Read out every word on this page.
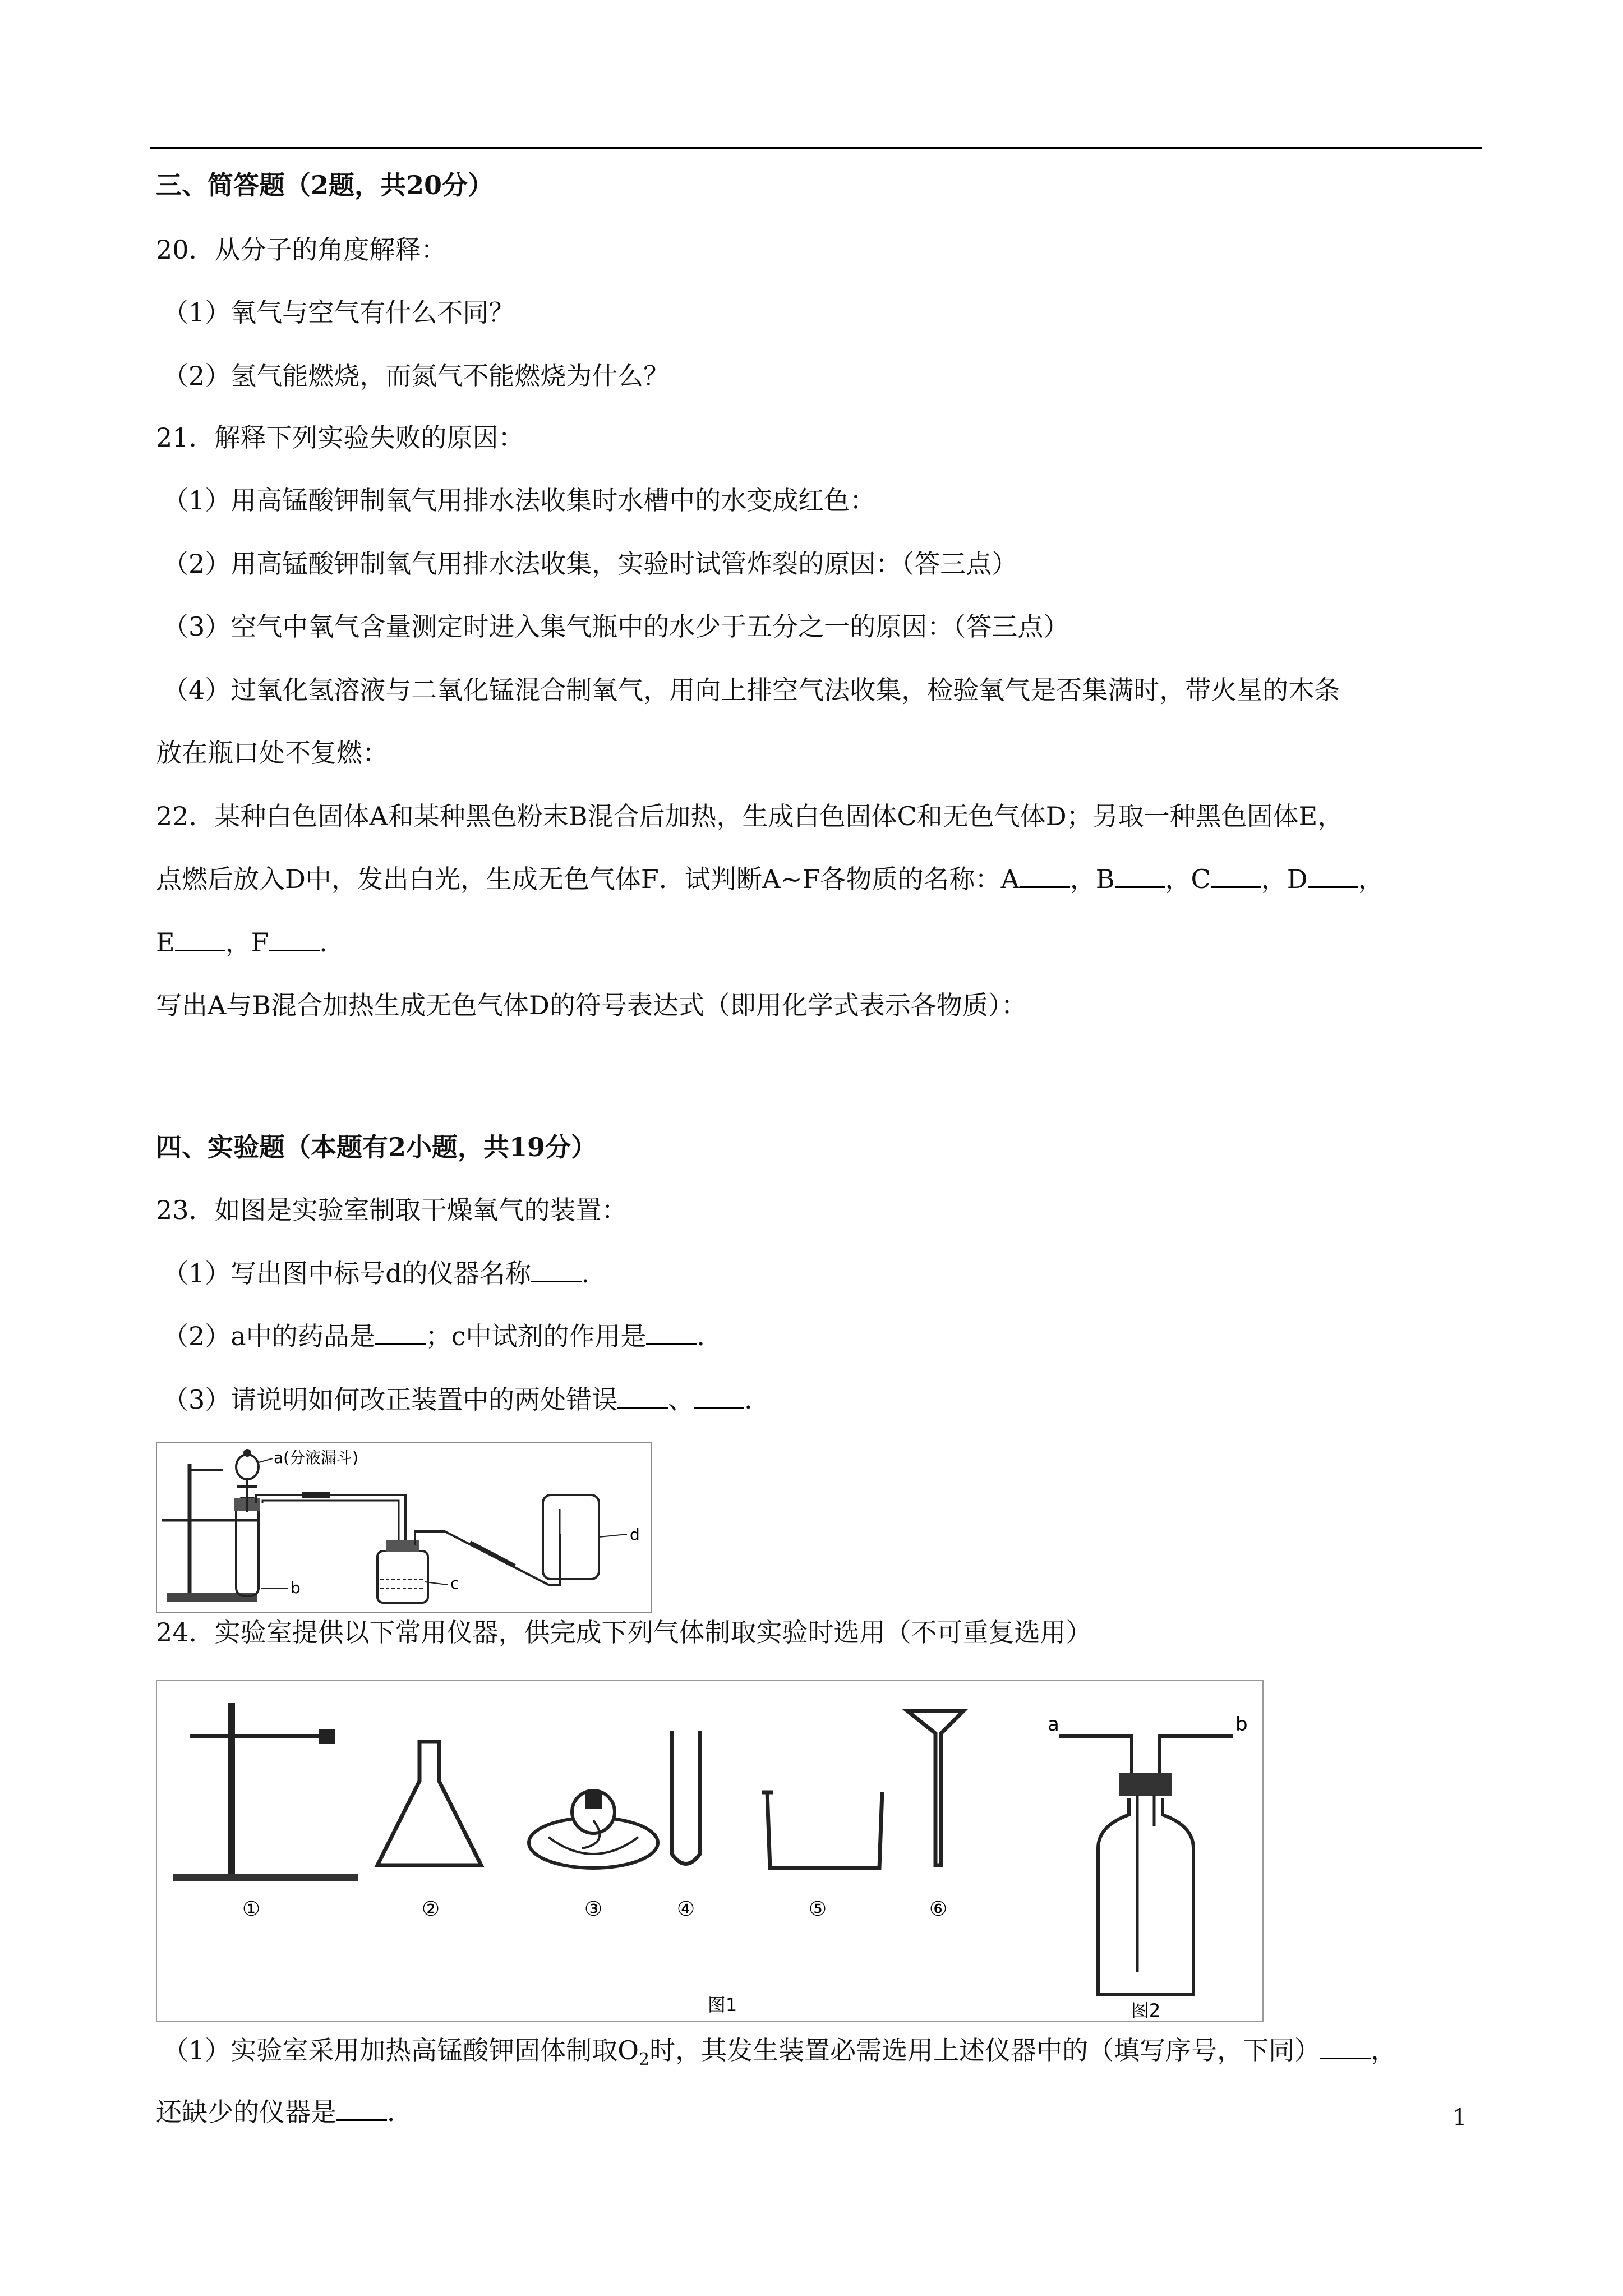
三、简答题（2题，共20分）
20．从分子的角度解释：
（1）氧气与空气有什么不同？
（2）氢气能燃烧，而氮气不能燃烧为什么？
21．解释下列实验失败的原因：
（1）用高锰酸钾制氧气用排水法收集时水槽中的水变成红色：
（2）用高锰酸钾制氧气用排水法收集，实验时试管炸裂的原因：（答三点）
（3）空气中氧气含量测定时进入集气瓶中的水少于五分之一的原因：（答三点）
（4）过氧化氢溶液与二氧化锰混合制氧气，用向上排空气法收集，检验氧气是否集满时，带火星的木条
放在瓶口处不复燃：
22．某种白色固体A和某种黑色粉末B混合后加热，生成白色固体C和无色气体D；另取一种黑色固体E，
点燃后放入D中，发出白光，生成无色气体F．试判断A~F各物质的名称：A ，B ，C ，D ，
E ，F ．
写出A与B混合加热生成无色气体D的符号表达式（即用化学式表示各物质）：
四、实验题（本题有2小题，共19分）
23．如图是实验室制取干燥氧气的装置：
（1）写出图中标号d的仪器名称 ．
（2）a中的药品是 ；c中试剂的作用是 ．
（3）请说明如何改正装置中的两处错误 、 ．
a(分液漏斗)
b	c
d
24．实验室提供以下常用仪器，供完成下列气体制取实验时选用（不可重复选用）
①	②	③	④	⑤	⑥
图1
a	b
图2
（1）实验室采用加热高锰酸钾固体制取$O_2$时，其发生装置必需选用上述仪器中的（填写序号，下同） ，
还缺少的仪器是 ．	1
